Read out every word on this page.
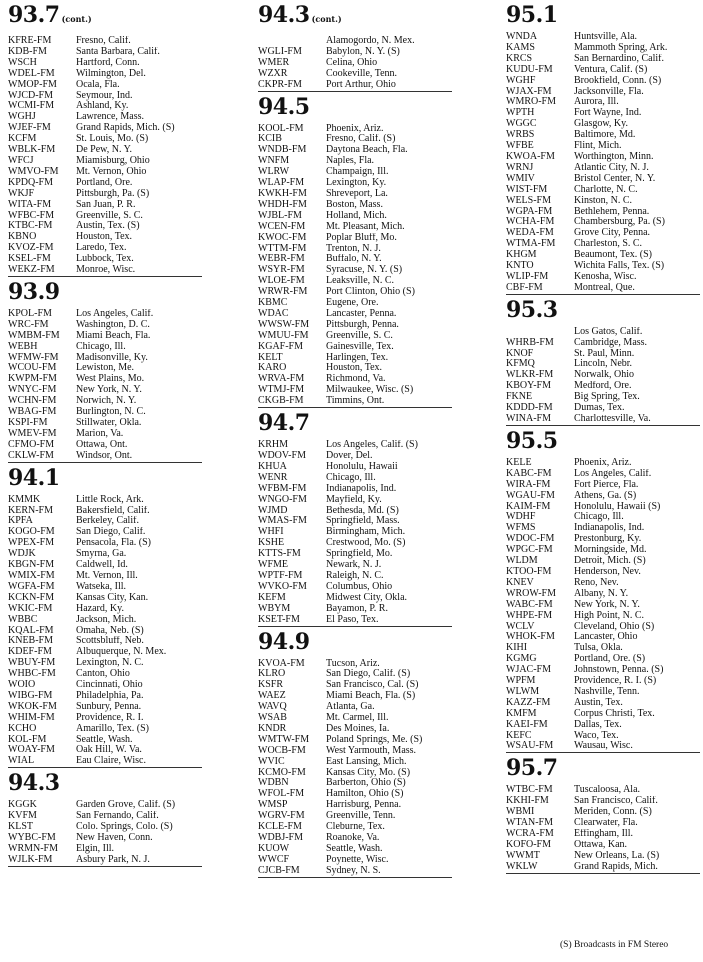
93.7 (cont.)
KFRE-FM	Fresno, Calif.
KDB-FM	Santa Barbara, Calif.
WSCH	Hartford, Conn.
WDEL-FM	Wilmington, Del.
WMOP-FM	Ocala, Fla.
WJCD-FM	Seymour, Ind.
WCMI-FM	Ashland, Ky.
WGHJ	Lawrence, Mass.
WJEF-FM	Grand Rapids, Mich. (S)
KCFM	St. Louis, Mo. (S)
WBLK-FM	De Pew, N. Y.
WFCJ	Miamisburg, Ohio
WMVO-FM	Mt. Vernon, Ohio
KPDQ-FM	Portland, Ore.
WKJF	Pittsburgh, Pa. (S)
WITA-FM	San Juan, P. R.
WFBC-FM	Greenville, S. C.
KTBC-FM	Austin, Tex. (S)
KBNO	Houston, Tex.
KVOZ-FM	Laredo, Tex.
KSEL-FM	Lubbock, Tex.
WEKZ-FM	Monroe, Wisc.
93.9
KPOL-FM	Los Angeles, Calif.
WRC-FM	Washington, D. C.
WMBM-FM	Miami Beach, Fla.
WEBH	Chicago, Ill.
WFMW-FM	Madisonville, Ky.
WCOU-FM	Lewiston, Me.
KWPM-FM	West Plains, Mo.
WNYC-FM	New York, N. Y.
WCHN-FM	Norwich, N. Y.
WBAG-FM	Burlington, N. C.
KSPI-FM	Stillwater, Okla.
WMEV-FM	Marion, Va.
CFMO-FM	Ottawa, Ont.
CKLW-FM	Windsor, Ont.
94.1
KMMK	Little Rock, Ark.
KERN-FM	Bakersfield, Calif.
KPFA	Berkeley, Calif.
KOGO-FM	San Diego, Calif.
WPEX-FM	Pensacola, Fla. (S)
WDJK	Smyrna, Ga.
KBGN-FM	Caldwell, Id.
WMIX-FM	Mt. Vernon, Ill.
WGFA-FM	Watseka, Ill.
KCKN-FM	Kansas City, Kan.
WKIC-FM	Hazard, Ky.
WBBC	Jackson, Mich.
KQAL-FM	Omaha, Neb. (S)
KNEB-FM	Scottsbluff, Neb.
KDEF-FM	Albuquerque, N. Mex.
WBUY-FM	Lexington, N. C.
WHBC-FM	Canton, Ohio
WOIO	Cincinnati, Ohio
WIBG-FM	Philadelphia, Pa.
WKOK-FM	Sunbury, Penna.
WHIM-FM	Providence, R. I.
KCHO	Amarillo, Tex. (S)
KOL-FM	Seattle, Wash.
WOAY-FM	Oak Hill, W. Va.
WIAL	Eau Claire, Wisc.
94.3
KGGK	Garden Grove, Calif. (S)
KVFM	San Fernando, Calif.
KLST	Colo. Springs, Colo. (S)
WYBC-FM	New Haven, Conn.
WRMN-FM	Elgin, Ill.
WJLK-FM	Asbury Park, N. J.
94.3 (cont.)
Alamogordo, N. Mex.
WGLI-FM	Babylon, N. Y. (S)
WMER	Celina, Ohio
WZXR	Cookeville, Tenn.
CKPR-FM	Port Arthur, Ohio
94.5
KOOL-FM	Phoenix, Ariz.
KCIB	Fresno, Calif. (S)
WNDB-FM	Daytona Beach, Fla.
WNFM	Naples, Fla.
WLRW	Champaign, Ill.
WLAP-FM	Lexington, Ky.
KWKH-FM	Shreveport, La.
WHDH-FM	Boston, Mass.
WJBL-FM	Holland, Mich.
WCEN-FM	Mt. Pleasant, Mich.
KWOC-FM	Poplar Bluff, Mo.
WTTM-FM	Trenton, N. J.
WEBR-FM	Buffalo, N. Y.
WSYR-FM	Syracuse, N. Y. (S)
WLOE-FM	Leaksville, N. C.
WRWR-FM	Port Clinton, Ohio (S)
KBMC	Eugene, Ore.
WDAC	Lancaster, Penna.
WWSW-FM	Pittsburgh, Penna.
WMUU-FM	Greenville, S. C.
KGAF-FM	Gainesville, Tex.
KELT	Harlingen, Tex.
KARO	Houston, Tex.
WRVA-FM	Richmond, Va.
WTMJ-FM	Milwaukee, Wisc. (S)
CKGB-FM	Timmins, Ont.
94.7
KRHM	Los Angeles, Calif. (S)
WDOV-FM	Dover, Del.
KHUA	Honolulu, Hawaii
WENR	Chicago, Ill.
WFBM-FM	Indianapolis, Ind.
WNGO-FM	Mayfield, Ky.
WJMD	Bethesda, Md. (S)
WMAS-FM	Springfield, Mass.
WHFI	Birmingham, Mich.
KSHE	Crestwood, Mo. (S)
KTTS-FM	Springfield, Mo.
WFME	Newark, N. J.
WPTF-FM	Raleigh, N. C.
WVKO-FM	Columbus, Ohio
KEFM	Midwest City, Okla.
WBYM	Bayamon, P. R.
KSET-FM	El Paso, Tex.
94.9
KVOA-FM	Tucson, Ariz.
KLRO	San Diego, Calif. (S)
KSFR	San Francisco, Cal. (S)
WAEZ	Miami Beach, Fla. (S)
WAVQ	Atlanta, Ga.
WSAB	Mt. Carmel, Ill.
KNDR	Des Moines, Ia.
WMTW-FM	Poland Springs, Me. (S)
WOCB-FM	West Yarmouth, Mass.
WVIC	East Lansing, Mich.
KCMO-FM	Kansas City, Mo. (S)
WDBN	Barberton, Ohio (S)
WFOL-FM	Hamilton, Ohio (S)
WMSP	Harrisburg, Penna.
WGRV-FM	Greenville, Tenn.
KCLE-FM	Cleburne, Tex.
WDBJ-FM	Roanoke, Va.
KUOW	Seattle, Wash.
WWCF	Poynette, Wisc.
CJCB-FM	Sydney, N. S.
95.1
WNDA	Huntsville, Ala.
KAMS	Mammoth Spring, Ark.
KRCS	San Bernardino, Calif.
KUDU-FM	Ventura, Calif. (S)
WGHF	Brookfield, Conn. (S)
WJAX-FM	Jacksonville, Fla.
WMRO-FM	Aurora, Ill.
WPTH	Fort Wayne, Ind.
WGGC	Glasgow, Ky.
WRBS	Baltimore, Md.
WFBE	Flint, Mich.
KWOA-FM	Worthington, Minn.
WRNJ	Atlantic City, N. J.
WMIV	Bristol Center, N. Y.
WIST-FM	Charlotte, N. C.
WELS-FM	Kinston, N. C.
WGPA-FM	Bethlehem, Penna.
WCHA-FM	Chambersburg, Pa. (S)
WEDA-FM	Grove City, Penna.
WTMA-FM	Charleston, S. C.
KHGM	Beaumont, Tex. (S)
KNTO	Wichita Falls, Tex. (S)
WLIP-FM	Kenosha, Wisc.
CBF-FM	Montreal, Que.
95.3
Los Gatos, Calif.
WHRB-FM	Cambridge, Mass.
KNOF	St. Paul, Minn.
KFMQ	Lincoln, Nebr.
WLKR-FM	Norwalk, Ohio
KBOY-FM	Medford, Ore.
FKNE	Big Spring, Tex.
KDDD-FM	Dumas, Tex.
WINA-FM	Charlottesville, Va.
95.5
KELE	Phoenix, Ariz.
KABC-FM	Los Angeles, Calif.
WIRA-FM	Fort Pierce, Fla.
WGAU-FM	Athens, Ga. (S)
KAIM-FM	Honolulu, Hawaii (S)
WDHF	Chicago, Ill.
WFMS	Indianapolis, Ind.
WDOC-FM	Prestonburg, Ky.
WPGC-FM	Morningside, Md.
WLDM	Detroit, Mich. (S)
KTOO-FM	Henderson, Nev.
KNEV	Reno, Nev.
WROW-FM	Albany, N. Y.
WABC-FM	New York, N. Y.
WHPE-FM	High Point, N. C.
WCLV	Cleveland, Ohio (S)
WHOK-FM	Lancaster, Ohio
KIHI	Tulsa, Okla.
KGMG	Portland, Ore. (S)
WJAC-FM	Johnstown, Penna. (S)
WPFM	Providence, R. I. (S)
WLWM	Nashville, Tenn.
KAZZ-FM	Austin, Tex.
KMFM	Corpus Christi, Tex.
KAEI-FM	Dallas, Tex.
KEFC	Waco, Tex.
WSAU-FM	Wausau, Wisc.
95.7
WTBC-FM	Tuscaloosa, Ala.
KKHI-FM	San Francisco, Calif.
WBMI	Meriden, Conn. (S)
WTAN-FM	Clearwater, Fla.
WCRA-FM	Effingham, Ill.
KOFO-FM	Ottawa, Kan.
WWMT	New Orleans, La. (S)
WKLW	Grand Rapids, Mich.
(S) Broadcasts in FM Stereo
